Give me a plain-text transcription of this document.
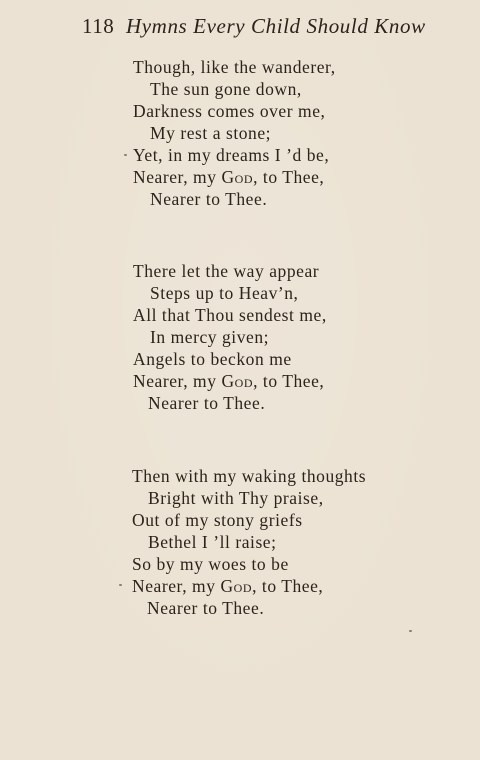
118 Hymns Every Child Should Know
Though, like the wanderer,
The sun gone down,
Darkness comes over me,
My rest a stone;
Yet, in my dreams I ’d be,
Nearer, my God, to Thee,
Nearer to Thee.
There let the way appear
Steps up to Heav’n,
All that Thou sendest me,
In mercy given;
Angels to beckon me
Nearer, my God, to Thee,
Nearer to Thee.
Then with my waking thoughts
Bright with Thy praise,
Out of my stony griefs
Bethel I ’ll raise;
So by my woes to be
Nearer, my God, to Thee,
Nearer to Thee.
